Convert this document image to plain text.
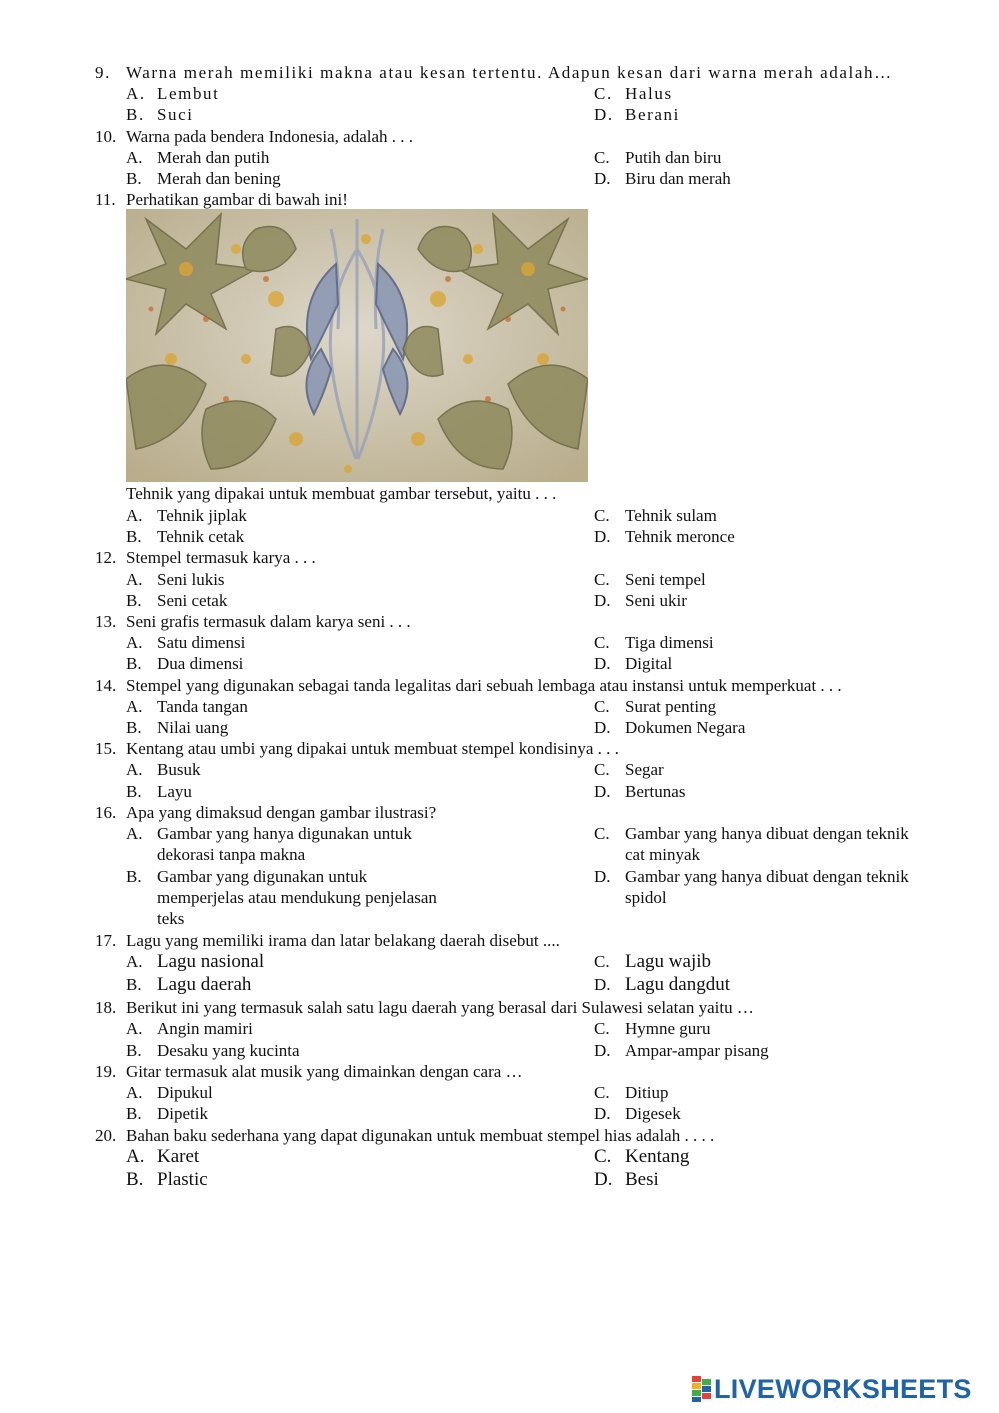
9. Warna merah memiliki makna atau kesan tertentu. Adapun kesan dari warna merah adalah…
A. Lembut	C. Halus
B. Suci	D. Berani
10. Warna pada bendera Indonesia, adalah . . .
A. Merah dan putih	C. Putih dan biru
B. Merah dan bening	D. Biru dan merah
11. Perhatikan gambar di bawah ini!
Tehnik yang dipakai untuk membuat gambar tersebut, yaitu . . .
A. Tehnik jiplak	C. Tehnik sulam
B. Tehnik cetak	D. Tehnik meronce
12. Stempel termasuk karya . . .
A. Seni lukis	C. Seni tempel
B. Seni cetak	D. Seni ukir
13. Seni grafis termasuk dalam karya seni . . .
A. Satu dimensi	C. Tiga dimensi
B. Dua dimensi	D. Digital
14. Stempel yang digunakan sebagai tanda legalitas dari sebuah lembaga atau instansi untuk memperkuat . . .
A. Tanda tangan	C. Surat penting
B. Nilai uang	D. Dokumen Negara
15. Kentang atau umbi yang dipakai untuk membuat stempel kondisinya . . .
A. Busuk	C. Segar
B. Layu	D. Bertunas
16. Apa yang dimaksud dengan gambar ilustrasi?
A. Gambar yang hanya digunakan untuk
dekorasi tanpa makna
C. Gambar yang hanya dibuat dengan teknik
cat minyak
B. Gambar yang digunakan untuk
memperjelas atau mendukung penjelasan
teks
D. Gambar yang hanya dibuat dengan teknik
spidol
17. Lagu yang memiliki irama dan latar belakang daerah disebut ....
A. Lagu nasional	C. Lagu wajib
B. Lagu daerah	D. Lagu dangdut
18. Berikut ini yang termasuk salah satu lagu daerah yang berasal dari Sulawesi selatan yaitu …
A. Angin mamiri	C. Hymne guru
B. Desaku yang kucinta	D. Ampar-ampar pisang
19. Gitar termasuk alat musik yang dimainkan dengan cara …
A. Dipukul	C. Ditiup
B. Dipetik	D. Digesek
20. Bahan baku sederhana yang dapat digunakan untuk membuat stempel hias adalah . . . .
A. Karet	C. Kentang
B. Plastic	D. Besi
LIVEWORKSHEETS
